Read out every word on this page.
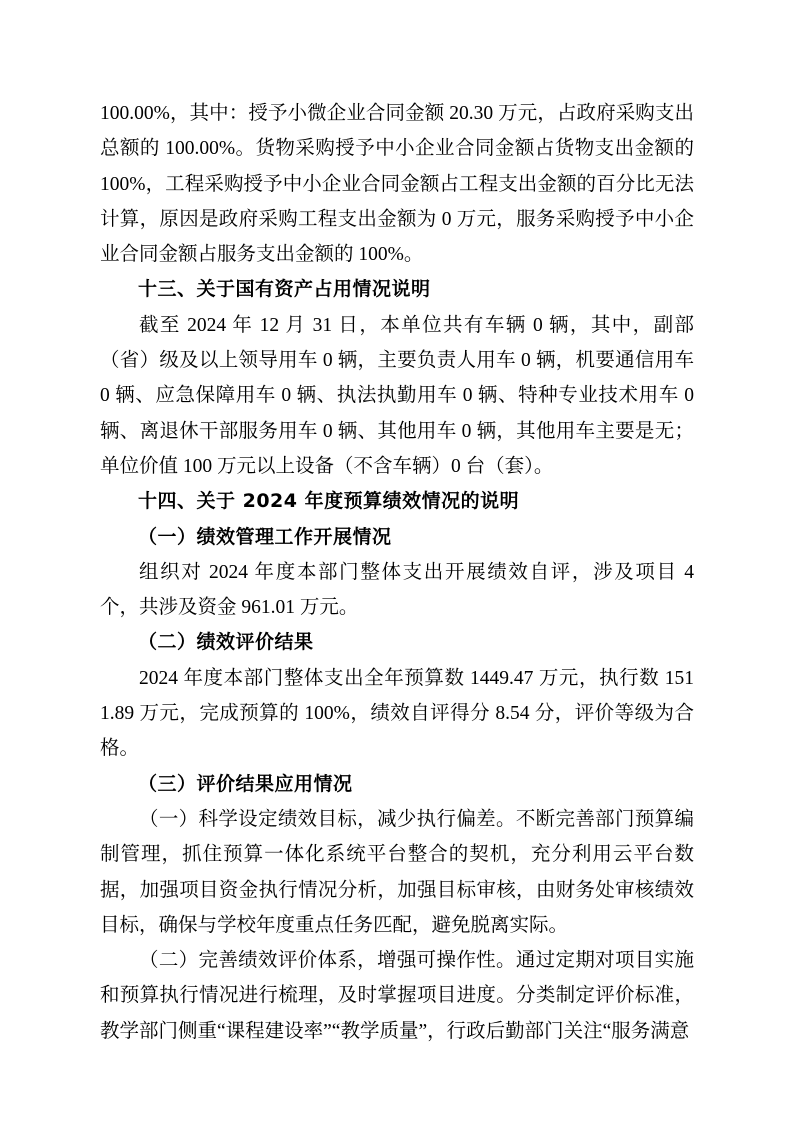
100.00%，其中：授予小微企业合同金额 20.30 万元，占政府采购支出总额的 100.00%。货物采购授予中小企业合同金额占货物支出金额的 100%，工程采购授予中小企业合同金额占工程支出金额的百分比无法计算，原因是政府采购工程支出金额为 0 万元，服务采购授予中小企业合同金额占服务支出金额的 100%。

十三、关于国有资产占用情况说明

截至 2024 年 12 月 31 日，本单位共有车辆 0 辆，其中，副部（省）级及以上领导用车 0 辆，主要负责人用车 0 辆，机要通信用车 0 辆、应急保障用车 0 辆、执法执勤用车 0 辆、特种专业技术用车 0 辆、离退休干部服务用车 0 辆、其他用车 0 辆，其他用车主要是无；单位价值 100 万元以上设备（不含车辆）0 台（套）。

十四、关于 2024 年度预算绩效情况的说明

（一）绩效管理工作开展情况

组织对 2024 年度本部门整体支出开展绩效自评，涉及项目 4 个，共涉及资金 961.01 万元。

（二）绩效评价结果

2024 年度本部门整体支出全年预算数 1449.47 万元，执行数 1511.89 万元，完成预算的 100%，绩效自评得分 8.54 分，评价等级为合格。

（三）评价结果应用情况

（一）科学设定绩效目标，减少执行偏差。不断完善部门预算编制管理，抓住预算一体化系统平台整合的契机，充分利用云平台数据，加强项目资金执行情况分析，加强目标审核，由财务处审核绩效目标，确保与学校年度重点任务匹配，避免脱离实际。

（二）完善绩效评价体系，增强可操作性。通过定期对项目实施和预算执行情况进行梳理，及时掌握项目进度。分类制定评价标准，教学部门侧重“课程建设率”“教学质量”，行政后勤部门关注“服务满意
